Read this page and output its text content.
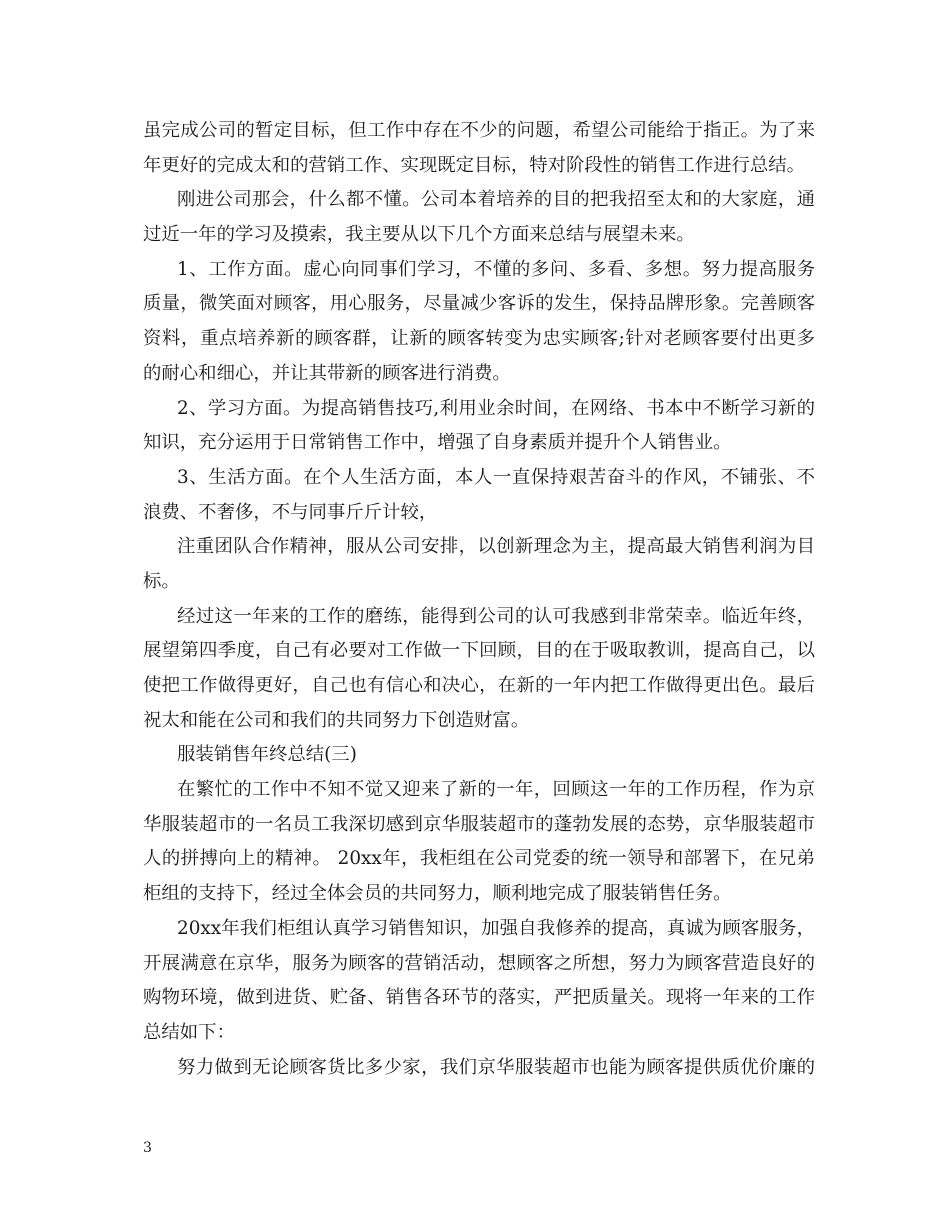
虽完成公司的暂定目标，但工作中存在不少的问题，希望公司能给于指正。为了来
年更好的完成太和的营销工作、实现既定目标，特对阶段性的销售工作进行总结。
刚进公司那会，什么都不懂。公司本着培养的目的把我招至太和的大家庭，通
过近一年的学习及摸索，我主要从以下几个方面来总结与展望未来。
1、工作方面。虚心向同事们学习，不懂的多问、多看、多想。努力提高服务
质量，微笑面对顾客，用心服务，尽量减少客诉的发生，保持品牌形象。完善顾客
资料，重点培养新的顾客群，让新的顾客转变为忠实顾客;针对老顾客要付出更多
的耐心和细心，并让其带新的顾客进行消费。
2、学习方面。为提高销售技巧,利用业余时间，在网络、书本中不断学习新的
知识，充分运用于日常销售工作中，增强了自身素质并提升个人销售业。
3、生活方面。在个人生活方面，本人一直保持艰苦奋斗的作风，不铺张、不
浪费、不奢侈，不与同事斤斤计较，
注重团队合作精神，服从公司安排，以创新理念为主，提高最大销售利润为目
标。
经过这一年来的工作的磨练，能得到公司的认可我感到非常荣幸。临近年终，
展望第四季度，自己有必要对工作做一下回顾，目的在于吸取教训，提高自己，以
使把工作做得更好，自己也有信心和决心，在新的一年内把工作做得更出色。最后
祝太和能在公司和我们的共同努力下创造财富。
服装销售年终总结(三)
在繁忙的工作中不知不觉又迎来了新的一年，回顾这一年的工作历程，作为京
华服装超市的一名员工我深切感到京华服装超市的蓬勃发展的态势，京华服装超市
人的拼搏向上的精神。 20xx年，我柜组在公司党委的统一领导和部署下，在兄弟
柜组的支持下，经过全体会员的共同努力，顺利地完成了服装销售任务。
20xx年我们柜组认真学习销售知识，加强自我修养的提高，真诚为顾客服务，
开展满意在京华，服务为顾客的营销活动，想顾客之所想，努力为顾客营造良好的
购物环境，做到进货、贮备、销售各环节的落实，严把质量关。现将一年来的工作
总结如下：
努力做到无论顾客货比多少家，我们京华服装超市也能为顾客提供质优价廉的
3
